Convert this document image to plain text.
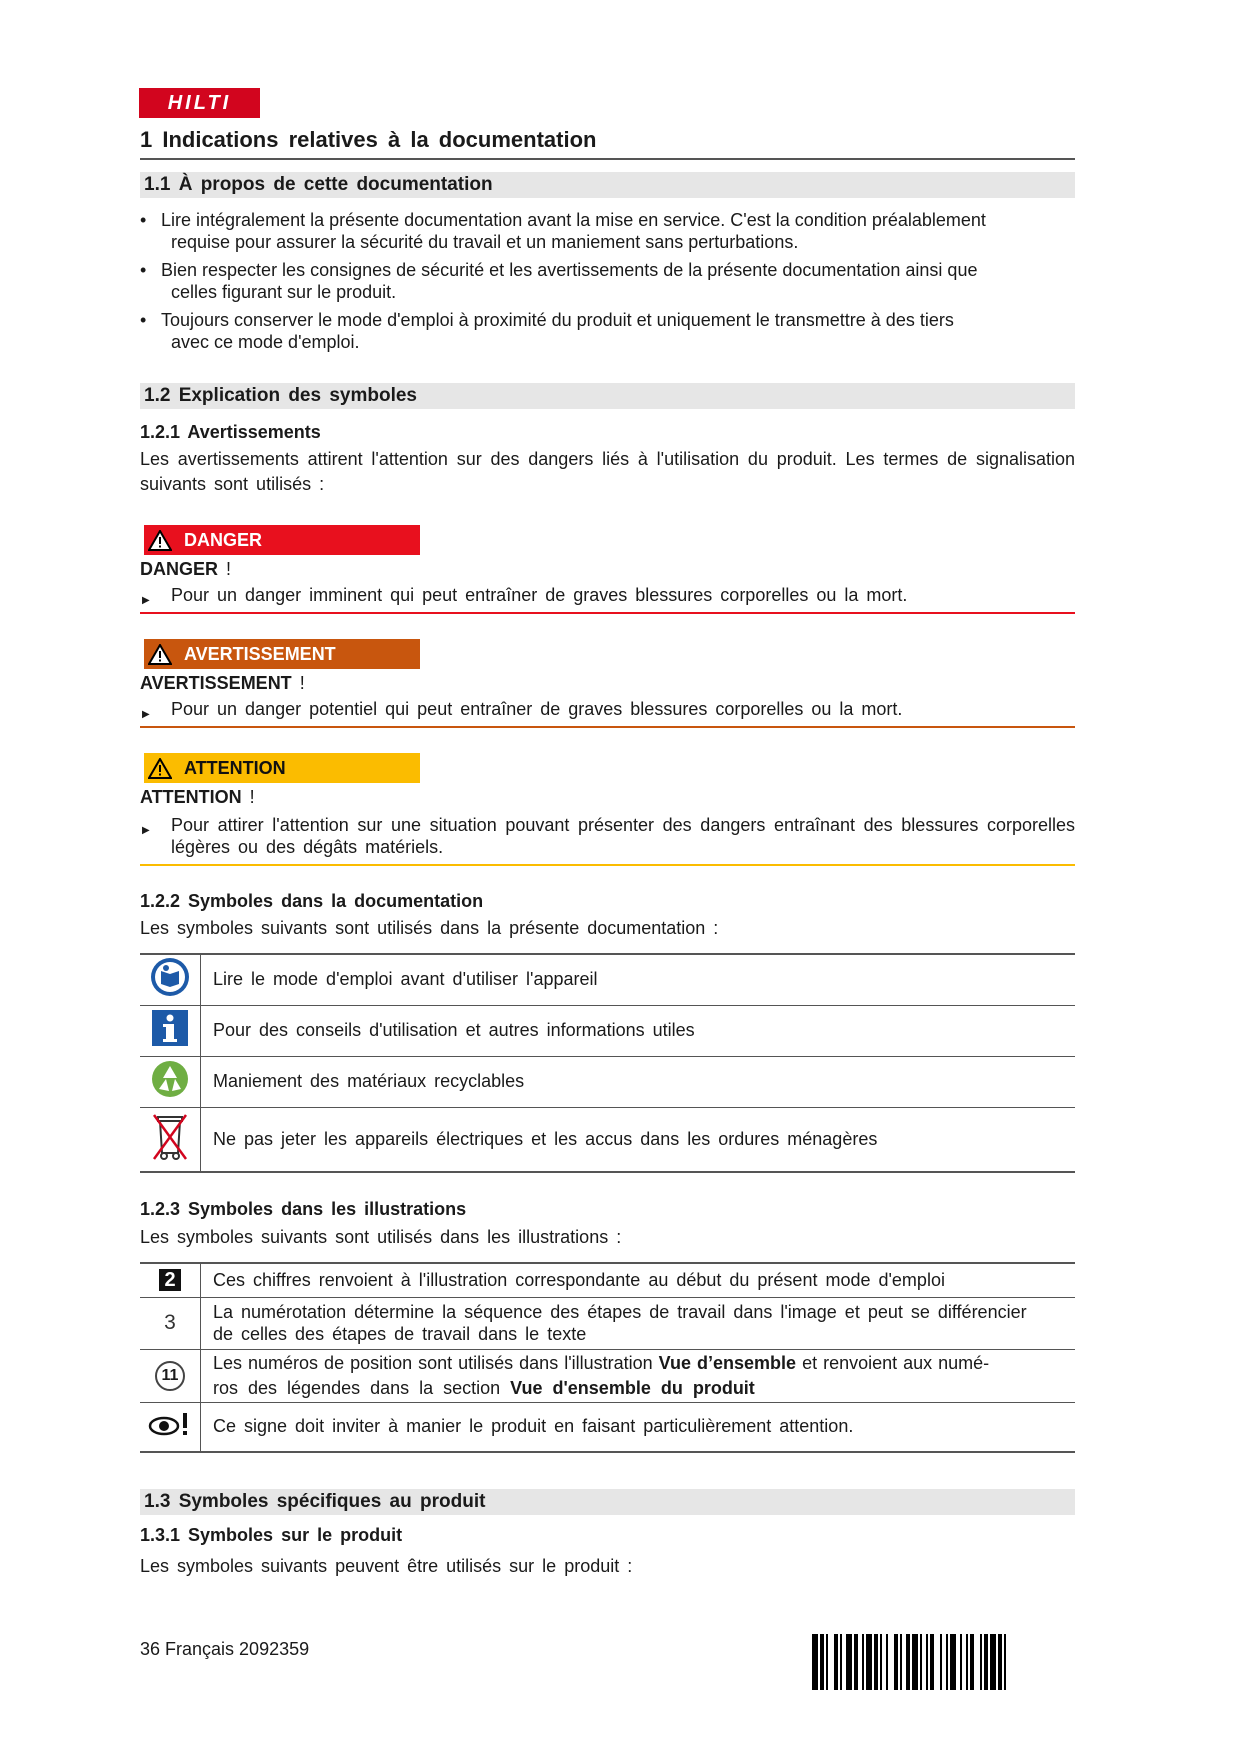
HILTI
1 Indications relatives à la documentation
1.1 À propos de cette documentation
• Lire intégralement la présente documentation avant la mise en service. C'est la condition préalablement
requise pour assurer la sécurité du travail et un maniement sans perturbations.
• Bien respecter les consignes de sécurité et les avertissements de la présente documentation ainsi que
celles figurant sur le produit.
• Toujours conserver le mode d'emploi à proximité du produit et uniquement le transmettre à des tiers
avec ce mode d'emploi.
1.2 Explication des symboles
1.2.1 Avertissements
Les avertissements attirent l'attention sur des dangers liés à l'utilisation du produit. Les termes de signalisation suivants sont utilisés :
DANGER
DANGER !
▶ Pour un danger imminent qui peut entraîner de graves blessures corporelles ou la mort.
AVERTISSEMENT
AVERTISSEMENT !
▶ Pour un danger potentiel qui peut entraîner de graves blessures corporelles ou la mort.
ATTENTION
ATTENTION !
▶ Pour attirer l'attention sur une situation pouvant présenter des dangers entraînant des blessures corporelles légères ou des dégâts matériels.
1.2.2 Symboles dans la documentation
Les symboles suivants sont utilisés dans la présente documentation :
	Lire le mode d'emploi avant d'utiliser l'appareil
	Pour des conseils d'utilisation et autres informations utiles
	Maniement des matériaux recyclables
	Ne pas jeter les appareils électriques et les accus dans les ordures ménagères
1.2.3 Symboles dans les illustrations
Les symboles suivants sont utilisés dans les illustrations :
2	Ces chiffres renvoient à l'illustration correspondante au début du présent mode d'emploi
3	La numérotation détermine la séquence des étapes de travail dans l'image et peut se différencier
de celles des étapes de travail dans le texte
11	Les numéros de position sont utilisés dans l'illustration Vue d’ensemble et renvoient aux numé-
ros des légendes dans la section Vue d'ensemble du produit
	Ce signe doit inviter à manier le produit en faisant particulièrement attention.
1.3 Symboles spécifiques au produit
1.3.1 Symboles sur le produit
Les symboles suivants peuvent être utilisés sur le produit :
36 Français 2092359
